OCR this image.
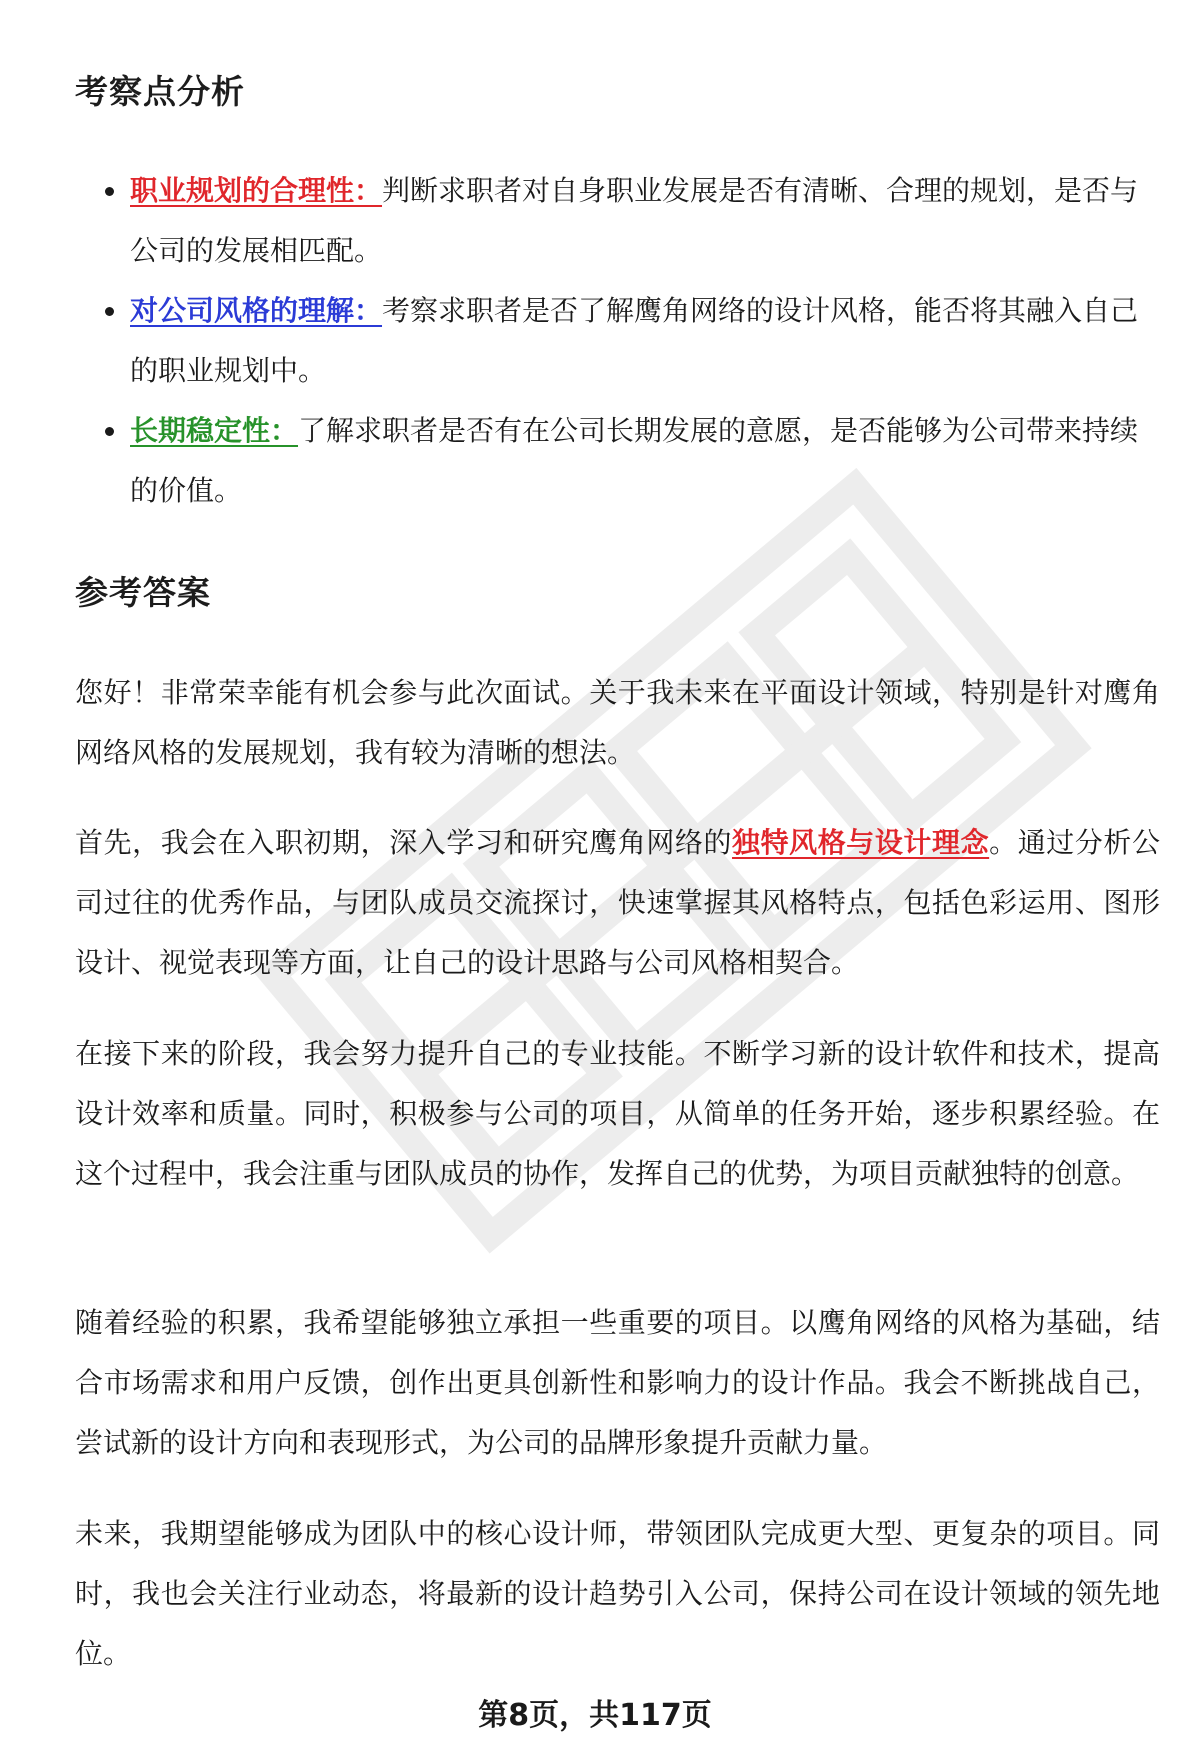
考察点分析
职业规划的合理性：判断求职者对自身职业发展是否有清晰、合理的规划，是否与公司的发展相匹配。
对公司风格的理解：考察求职者是否了解鹰角网络的设计风格，能否将其融入自己的职业规划中。
长期稳定性：了解求职者是否有在公司长期发展的意愿，是否能够为公司带来持续的价值。
参考答案

您好！非常荣幸能有机会参与此次面试。关于我未来在平面设计领域，特别是针对鹰角网络风格的发展规划，我有较为清晰的想法。

首先，我会在入职初期，深入学习和研究鹰角网络的独特风格与设计理念。通过分析公司过往的优秀作品，与团队成员交流探讨，快速掌握其风格特点，包括色彩运用、图形设计、视觉表现等方面，让自己的设计思路与公司风格相契合。

在接下来的阶段，我会努力提升自己的专业技能。不断学习新的设计软件和技术，提高设计效率和质量。同时，积极参与公司的项目，从简单的任务开始，逐步积累经验。在这个过程中，我会注重与团队成员的协作，发挥自己的优势，为项目贡献独特的创意。

随着经验的积累，我希望能够独立承担一些重要的项目。以鹰角网络的风格为基础，结合市场需求和用户反馈，创作出更具创新性和影响力的设计作品。我会不断挑战自己，尝试新的设计方向和表现形式，为公司的品牌形象提升贡献力量。

未来，我期望能够成为团队中的核心设计师，带领团队完成更大型、更复杂的项目。同时，我也会关注行业动态，将最新的设计趋势引入公司，保持公司在设计领域的领先地位。

第8页，共117页
